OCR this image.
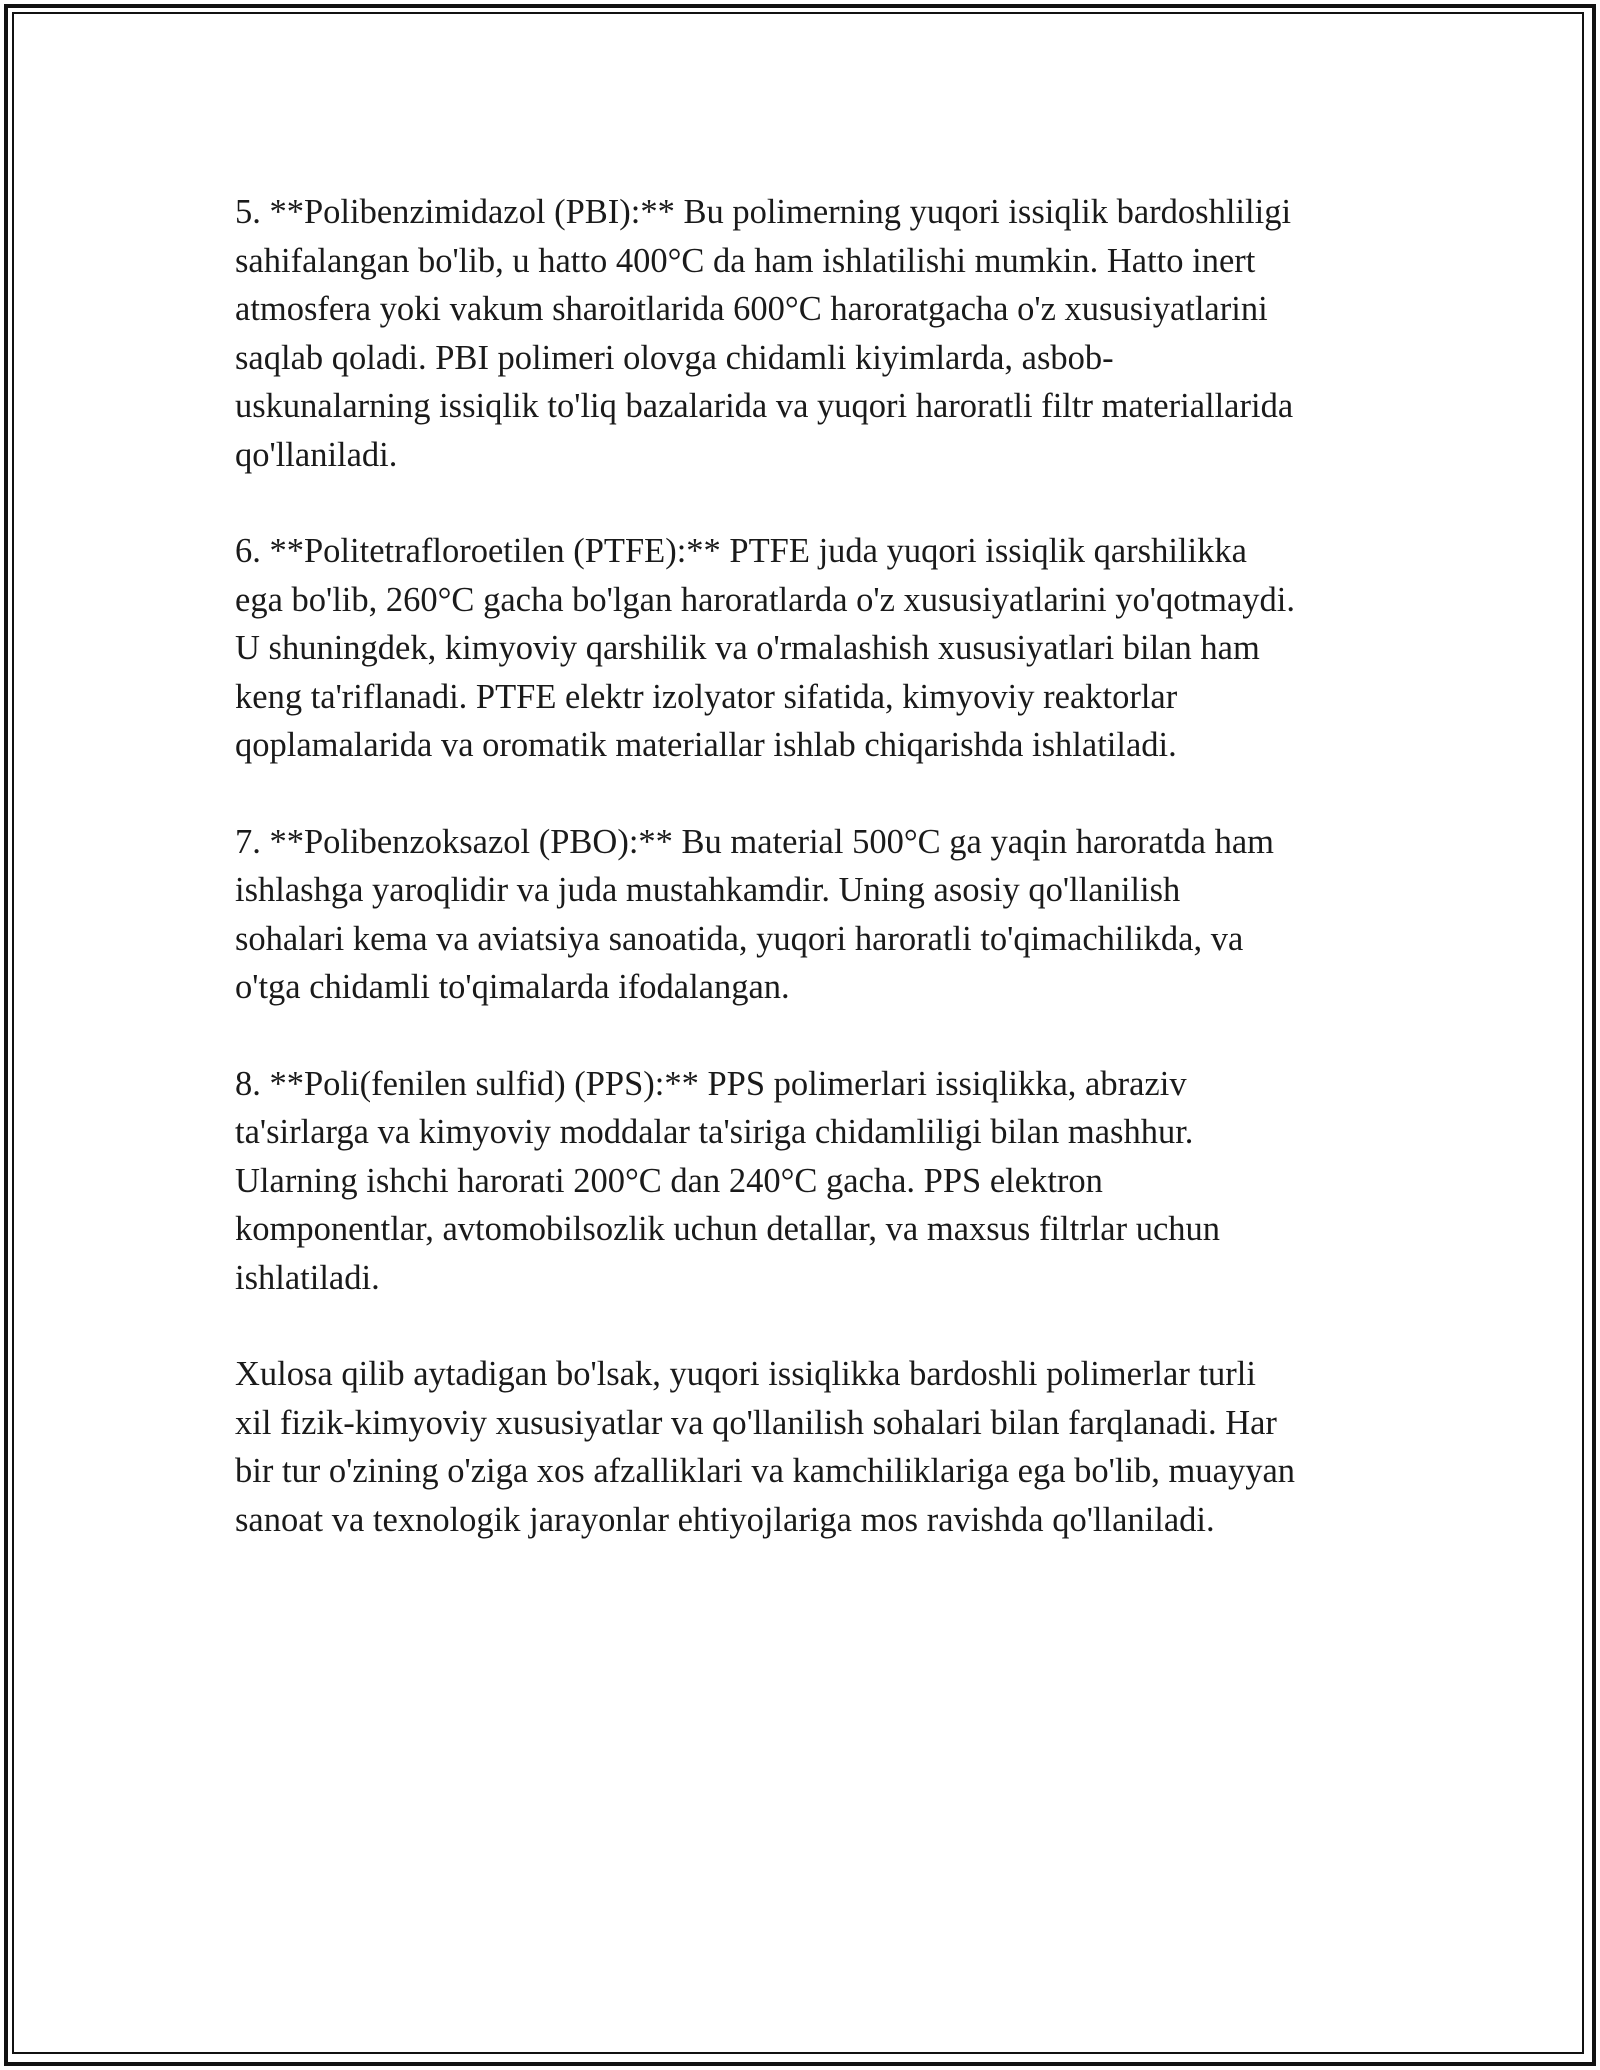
5. **Polibenzimidazol (PBI):** Bu polimerning yuqori issiqlik bardoshliligi
sahifalangan bo'lib, u hatto 400°C da ham ishlatilishi mumkin. Hatto inert
atmosfera yoki vakum sharoitlarida 600°C haroratgacha o'z xususiyatlarini
saqlab qoladi. PBI polimeri olovga chidamli kiyimlarda, asbob-
uskunalarning issiqlik to'liq bazalarida va yuqori haroratli filtr materiallarida
qo'llaniladi.

6. **Politetrafloroetilen (PTFE):** PTFE juda yuqori issiqlik qarshilikka
ega bo'lib, 260°C gacha bo'lgan haroratlarda o'z xususiyatlarini yo'qotmaydi.
U shuningdek, kimyoviy qarshilik va o'rmalashish xususiyatlari bilan ham
keng ta'riflanadi. PTFE elektr izolyator sifatida, kimyoviy reaktorlar
qoplamalarida va oromatik materiallar ishlab chiqarishda ishlatiladi.

7. **Polibenzoksazol (PBO):** Bu material 500°C ga yaqin haroratda ham
ishlashga yaroqlidir va juda mustahkamdir. Uning asosiy qo'llanilish
sohalari kema va aviatsiya sanoatida, yuqori haroratli to'qimachilikda, va
o'tga chidamli to'qimalarda ifodalangan.

8. **Poli(fenilen sulfid) (PPS):** PPS polimerlari issiqlikka, abraziv
ta'sirlarga va kimyoviy moddalar ta'siriga chidamliligi bilan mashhur.
Ularning ishchi harorati 200°C dan 240°C gacha. PPS elektron
komponentlar, avtomobilsozlik uchun detallar, va maxsus filtrlar uchun
ishlatiladi.

Xulosa qilib aytadigan bo'lsak, yuqori issiqlikka bardoshli polimerlar turli
xil fizik-kimyoviy xususiyatlar va qo'llanilish sohalari bilan farqlanadi. Har
bir tur o'zining o'ziga xos afzalliklari va kamchiliklariga ega bo'lib, muayyan
sanoat va texnologik jarayonlar ehtiyojlariga mos ravishda qo'llaniladi.
